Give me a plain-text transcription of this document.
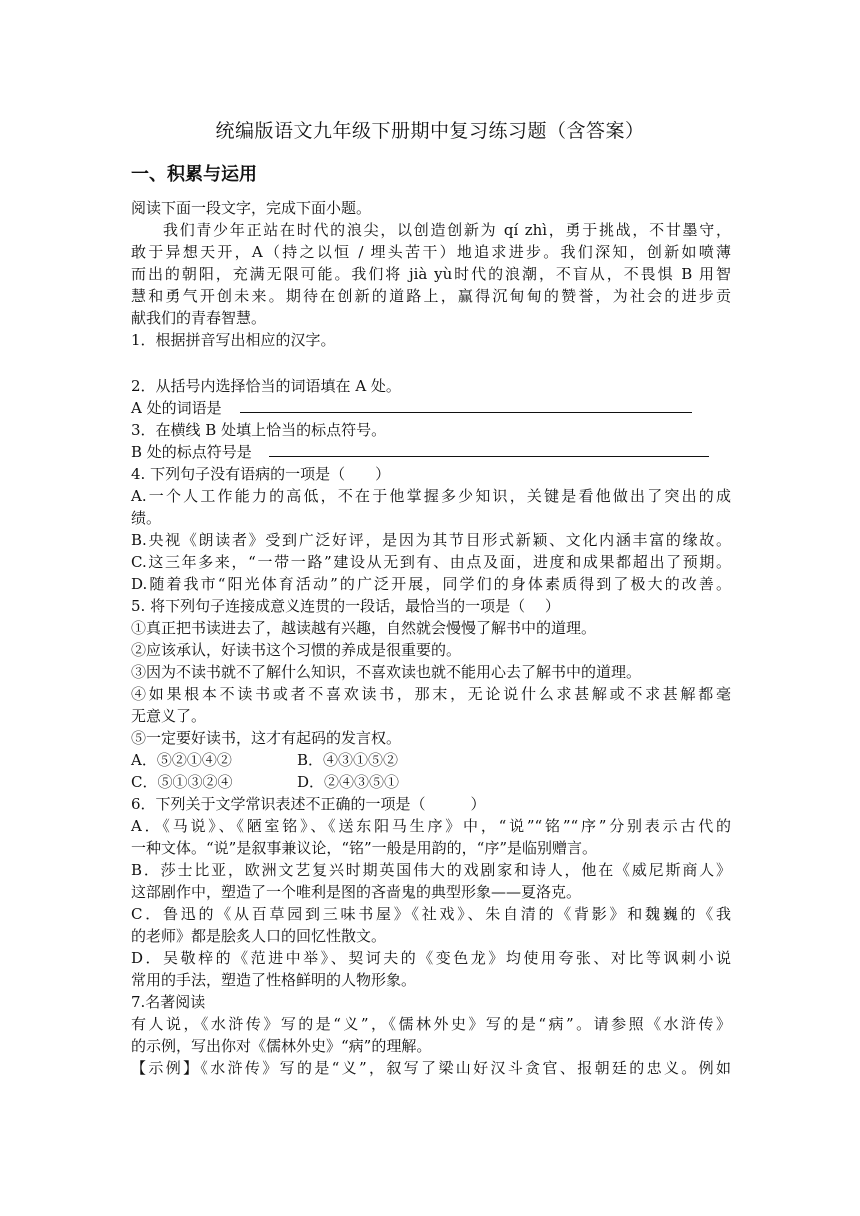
统编版语文九年级下册期中复习练习题（含答案）
一、积累与运用
阅读下面一段文字，完成下面小题。
我们青少年正站在时代的浪尖，以创造创新为 qí zhì，勇于挑战，不甘墨守，
敢于异想天开，A（持之以恒 / 埋头苦干）地追求进步。我们深知，创新如喷薄
而出的朝阳，充满无限可能。我们将 jià yù时代的浪潮，不盲从，不畏惧 B 用智
慧和勇气开创未来。期待在创新的道路上，赢得沉甸甸的赞誉，为社会的进步贡
献我们的青春智慧。
1．根据拼音写出相应的汉字。
2．从括号内选择恰当的词语填在 A 处。
A 处的词语是
3．在横线 B 处填上恰当的标点符号。
B 处的标点符号是
4. 下列句子没有语病的一项是（　　）
A.一个人工作能力的高低，不在于他掌握多少知识，关键是看他做出了突出的成
绩。
B.央视《朗读者》受到广泛好评，是因为其节目形式新颖、文化内涵丰富的缘故。
C.这三年多来，“一带一路”建设从无到有、由点及面，进度和成果都超出了预期。
D.随着我市“阳光体育活动”的广泛开展，同学们的身体素质得到了极大的改善。
5. 将下列句子连接成意义连贯的一段话，最恰当的一项是（　 ）
①真正把书读进去了，越读越有兴趣，自然就会慢慢了解书中的道理。
②应该承认，好读书这个习惯的养成是很重要的。
③因为不读书就不了解什么知识，不喜欢读也就不能用心去了解书中的道理。
④如果根本不读书或者不喜欢读书，那末，无论说什么求甚解或不求甚解都毫
无意义了。
⑤一定要好读书，这才有起码的发言权。
A．⑤②①④②	B．④③①⑤②
C．⑤①③②④	D．②④③⑤①
6．下列关于文学常识表述不正确的一项是（　　　）
A．《马说》、《陋室铭》、《送东阳马生序》中，“说”“铭”“序”分别表示古代的
一种文体。“说”是叙事兼议论，“铭”一般是用韵的，“序”是临别赠言。
B．莎士比亚，欧洲文艺复兴时期英国伟大的戏剧家和诗人，他在《威尼斯商人》
这部剧作中，塑造了一个唯利是图的吝啬鬼的典型形象——夏洛克。
C．鲁迅的《从百草园到三味书屋》《社戏》、朱自清的《背影》和魏巍的《我
的老师》都是脍炙人口的回忆性散文。
D．吴敬梓的《范进中举》、契诃夫的《变色龙》均使用夸张、对比等讽刺小说
常用的手法，塑造了性格鲜明的人物形象。
7.名著阅读
有人说，《水浒传》写的是“义”，《儒林外史》写的是“病”。请参照《水浒传》
的示例，写出你对《儒林外史》“病”的理解。
【示例】《水浒传》写的是“义”，叙写了梁山好汉斗贪官、报朝廷的忠义。例如
